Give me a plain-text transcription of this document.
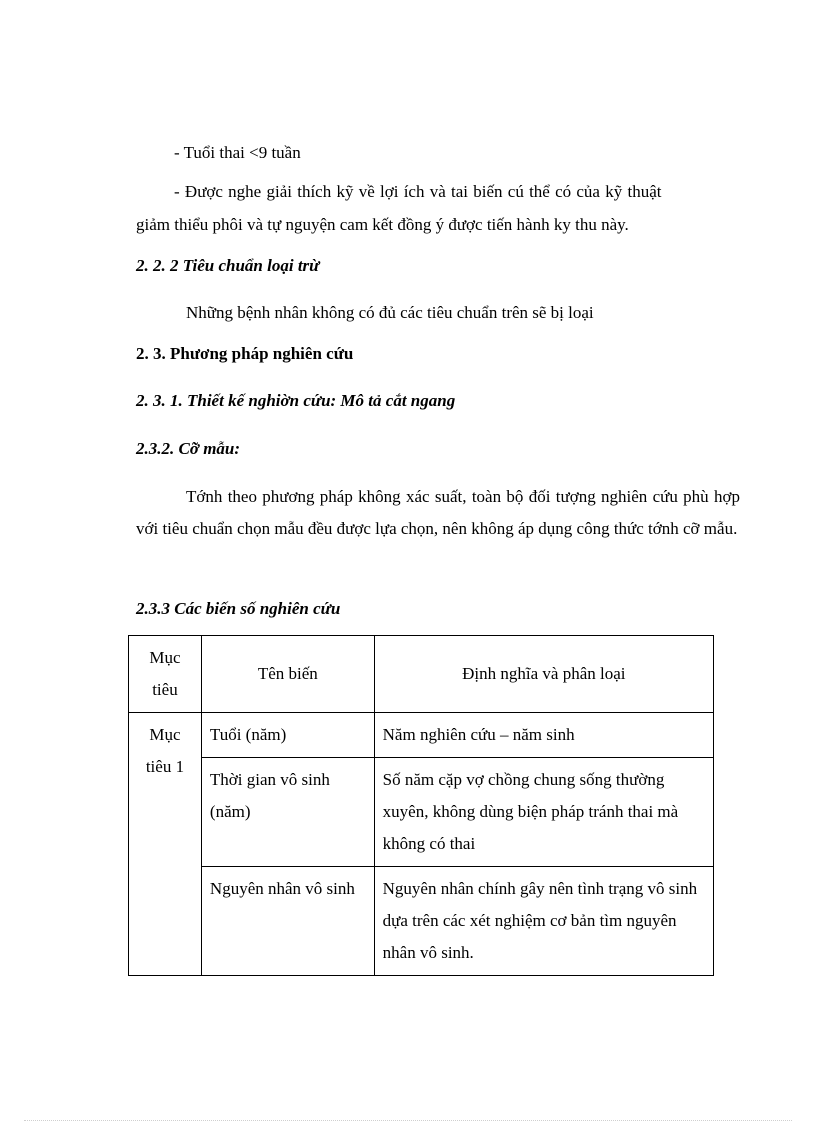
- Tuổi thai <9 tuần
- Được nghe giải thích kỹ về lợi ích và tai biến cú thể có của kỹ thuật
giảm thiểu phôi và tự nguyện cam kết đồng ý được tiến hành ky thu này.
2. 2. 2 Tiêu chuẩn loại trừ
Những bệnh nhân không có đủ các tiêu chuẩn trên sẽ bị loại
2. 3. Phương pháp nghiên cứu
2. 3. 1. Thiết kế nghiờn cứu: Mô tả cắt ngang
2.3.2. Cỡ mẫu:
Tớnh theo phương pháp không xác suất, toàn bộ đối tượng nghiên cứu phù hợp với tiêu chuẩn chọn mẫu đều được lựa chọn, nên không áp dụng công thức tớnh cỡ mẫu.
2.3.3 Các biến số nghiên cứu
Mục tiêu	Tên biến	Định nghĩa và phân loại
Mục tiêu 1	Tuổi (năm)	Năm nghiên cứu – năm sinh
	Thời gian vô sinh (năm)	Số năm cặp vợ chồng chung sống thường xuyên, không dùng biện pháp tránh thai mà không có thai
	Nguyên nhân vô sinh	Nguyên nhân chính gây nên tình trạng vô sinh dựa trên các xét nghiệm cơ bản tìm nguyên nhân vô sinh.
